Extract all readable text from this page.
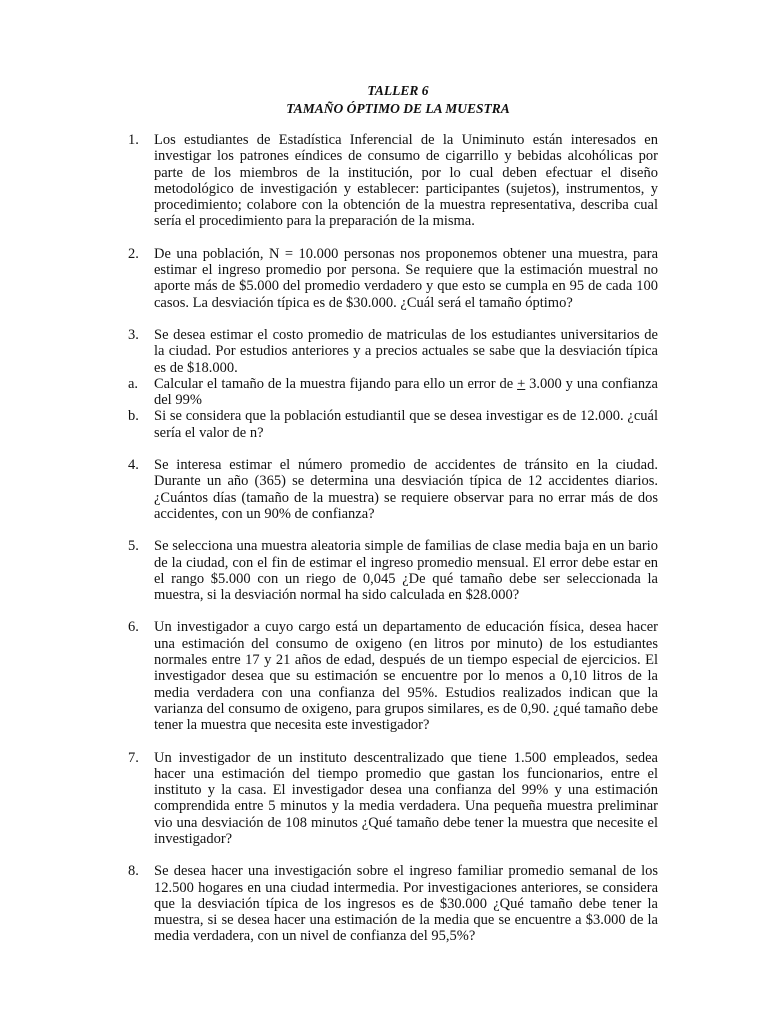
TALLER 6
TAMAÑO ÓPTIMO DE LA MUESTRA
1. Los estudiantes de Estadística Inferencial de la Uniminuto están interesados en investigar los patrones eíndices de consumo de cigarrillo y bebidas alcohólicas por parte de los miembros de la institución, por lo cual deben efectuar el diseño metodológico de investigación y establecer: participantes (sujetos), instrumentos, y procedimiento; colabore con la obtención de la muestra representativa, describa cual sería el procedimiento para la preparación de la misma.
2. De una población, N = 10.000 personas nos proponemos obtener una muestra, para estimar el ingreso promedio por persona. Se requiere que la estimación muestral no aporte más de $5.000 del promedio verdadero y que esto se cumpla en 95 de cada 100 casos. La desviación típica es de $30.000. ¿Cuál será el tamaño óptimo?
3. Se desea estimar el costo promedio de matriculas de los estudiantes universitarios de la ciudad. Por estudios anteriores y a precios actuales se sabe que la desviación típica es de $18.000.
a. Calcular el tamaño de la muestra fijando para ello un error de + 3.000 y una confianza del 99%
b. Si se considera que la población estudiantil que se desea investigar es de 12.000. ¿cuál sería el valor de n?
4. Se interesa estimar el número promedio de accidentes de tránsito en la ciudad. Durante un año (365) se determina una desviación típica de 12 accidentes diarios. ¿Cuántos días (tamaño de la muestra) se requiere observar para no errar más de dos accidentes, con un 90% de confianza?
5. Se selecciona una muestra aleatoria simple de familias de clase media baja en un bario de la ciudad, con el fin de estimar el ingreso promedio mensual. El error debe estar en el rango $5.000 con un riego de 0,045 ¿De qué tamaño debe ser seleccionada la muestra, si la desviación normal ha sido calculada en $28.000?
6. Un investigador a cuyo cargo está un departamento de educación física, desea hacer una estimación del consumo de oxigeno (en litros por minuto) de los estudiantes normales entre 17 y 21 años de edad, después de un tiempo especial de ejercicios. El investigador desea que su estimación se encuentre por lo menos a 0,10 litros de la media verdadera con una confianza del 95%. Estudios realizados indican que la varianza del consumo de oxigeno, para grupos similares, es de 0,90. ¿qué tamaño debe tener la muestra que necesita este investigador?
7. Un investigador de un instituto descentralizado que tiene 1.500 empleados, sedea hacer una estimación del tiempo promedio que gastan los funcionarios, entre el instituto y la casa. El investigador desea una confianza del 99% y una estimación comprendida entre 5 minutos y la media verdadera. Una pequeña muestra preliminar vio una desviación de 108 minutos ¿Qué tamaño debe tener la muestra que necesite el investigador?
8. Se desea hacer una investigación sobre el ingreso familiar promedio semanal de los 12.500 hogares en una ciudad intermedia. Por investigaciones anteriores, se considera que la desviación típica de los ingresos es de $30.000 ¿Qué tamaño debe tener la muestra, si se desea hacer una estimación de la media que se encuentre a $3.000 de la media verdadera, con un nivel de confianza del 95,5%?
